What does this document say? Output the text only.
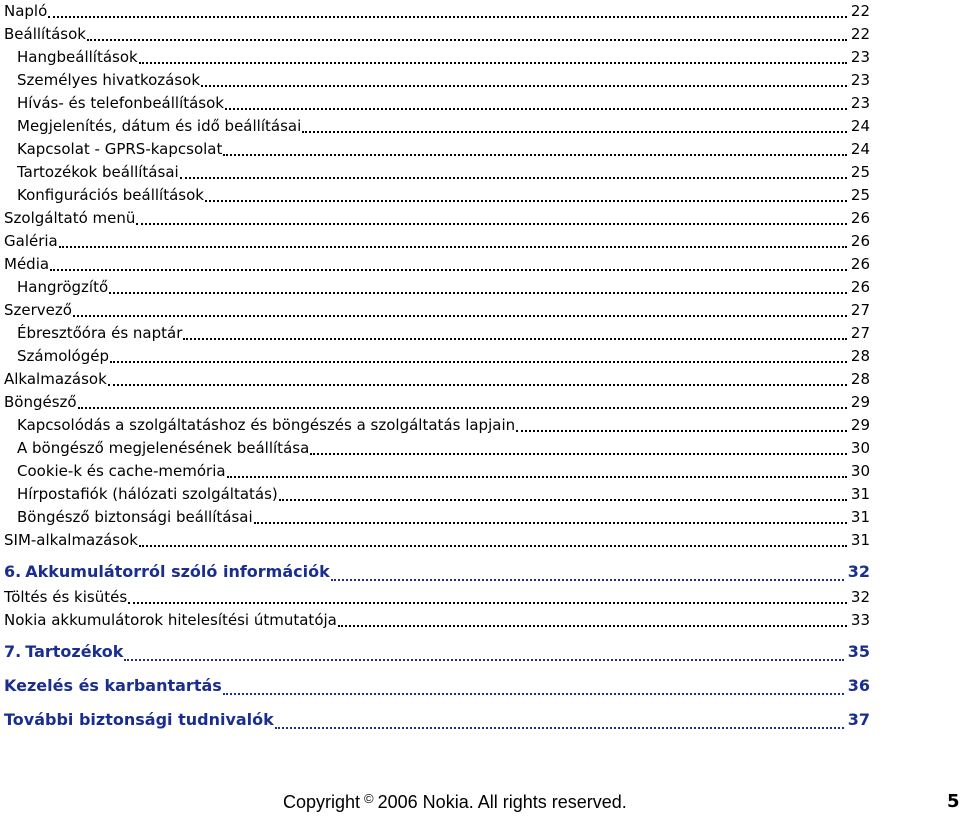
Napló	22
Beállítások	22
Hangbeállítások	23
Személyes hivatkozások	23
Hívás- és telefonbeállítások	23
Megjelenítés, dátum és idő beállításai	24
Kapcsolat - GPRS-kapcsolat	24
Tartozékok beállításai	25
Konfigurációs beállítások	25
Szolgáltató menü	26
Galéria	26
Média	26
Hangrögzítő	26
Szervező	27
Ébresztőóra és naptár	27
Számológép	28
Alkalmazások	28
Böngésző	29
Kapcsolódás a szolgáltatáshoz és böngészés a szolgáltatás lapjain	29
A böngésző megjelenésének beállítása	30
Cookie-k és cache-memória	30
Hírpostafiók (hálózati szolgáltatás)	31
Böngésző biztonsági beállításai	31
SIM-alkalmazások	31
6. Akkumulátorról szóló információk	32
Töltés és kisütés	32
Nokia akkumulátorok hitelesítési útmutatója	33
7. Tartozékok	35
Kezelés és karbantartás	36
További biztonsági tudnivalók	37
Copyright © 2006 Nokia. All rights reserved.	5
